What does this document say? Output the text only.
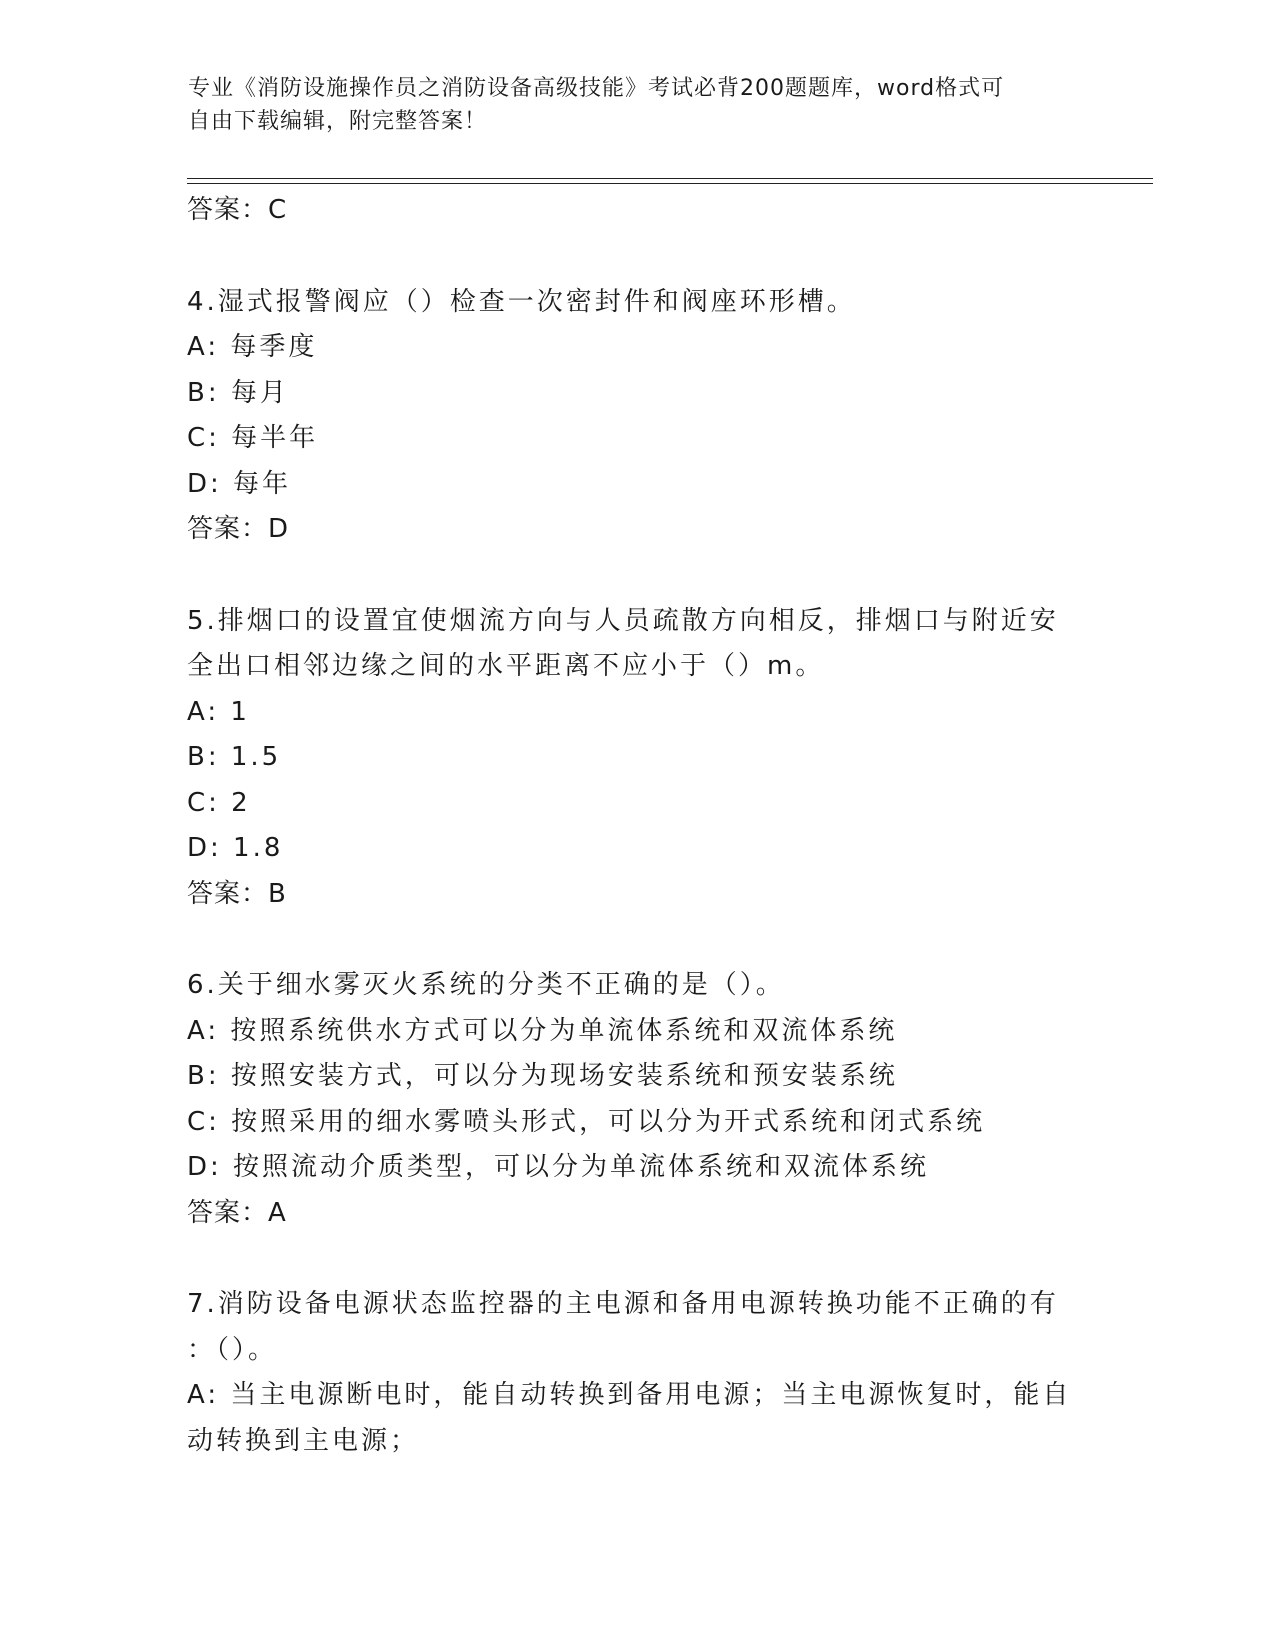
专业《消防设施操作员之消防设备高级技能》考试必背200题题库，word格式可
自由下载编辑，附完整答案！
答案：C
4.湿式报警阀应（）检查一次密封件和阀座环形槽。
A: 每季度
B: 每月
C: 每半年
D: 每年
答案：D
5.排烟口的设置宜使烟流方向与人员疏散方向相反，排烟口与附近安
全出口相邻边缘之间的水平距离不应小于（）m。
A: 1
B: 1.5
C: 2
D: 1.8
答案：B
6.关于细水雾灭火系统的分类不正确的是（）。
A: 按照系统供水方式可以分为单流体系统和双流体系统
B: 按照安装方式，可以分为现场安装系统和预安装系统
C: 按照采用的细水雾喷头形式，可以分为开式系统和闭式系统
D: 按照流动介质类型，可以分为单流体系统和双流体系统
答案：A
7.消防设备电源状态监控器的主电源和备用电源转换功能不正确的有
：（）。
A: 当主电源断电时，能自动转换到备用电源；当主电源恢复时，能自
动转换到主电源；
